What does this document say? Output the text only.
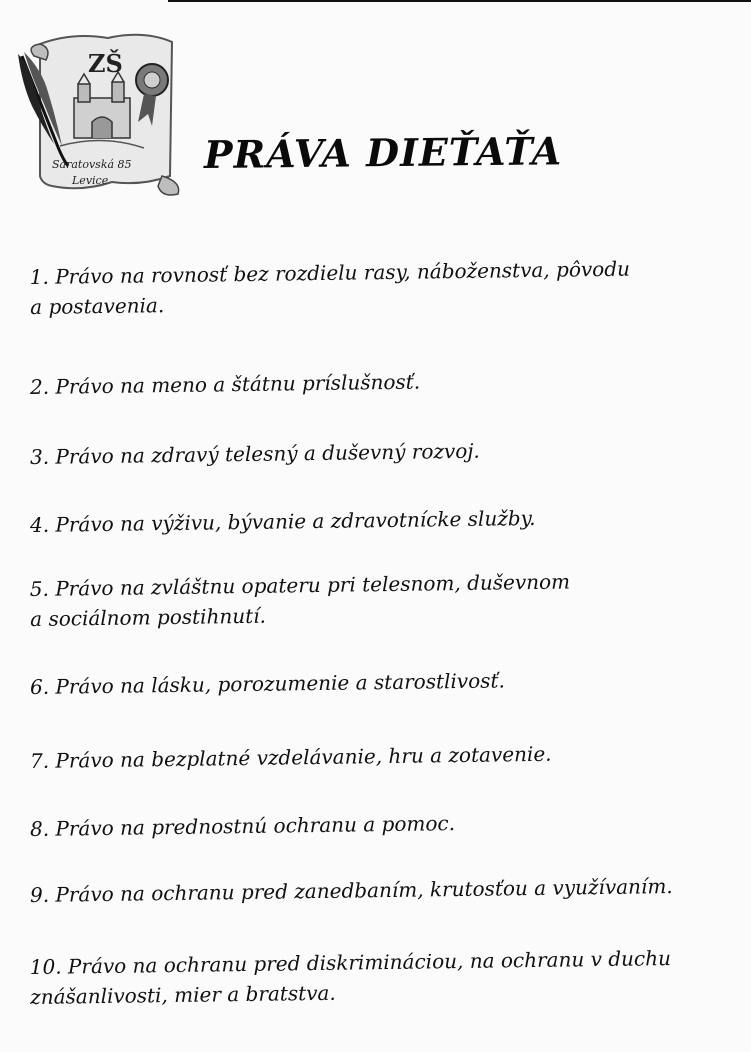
ZŠ
Saratovská 85
Levice
PRÁVA DIEŤAŤA
1. Právo na rovnosť bez rozdielu rasy, náboženstva, pôvodu
a postavenia.
2. Právo na meno a štátnu príslušnosť.
3. Právo na zdravý telesný a duševný rozvoj.
4. Právo na výživu, bývanie a zdravotnícke služby.
5. Právo na zvláštnu opateru pri telesnom, duševnom
a sociálnom postihnutí.
6. Právo na lásku, porozumenie a starostlivosť.
7. Právo na bezplatné vzdelávanie, hru a zotavenie.
8. Právo na prednostnú ochranu a pomoc.
9. Právo na ochranu pred zanedbaním, krutosťou a využívaním.
10. Právo na ochranu pred diskrimináciou, na ochranu v duchu
znášanlivosti, mier a bratstva.
